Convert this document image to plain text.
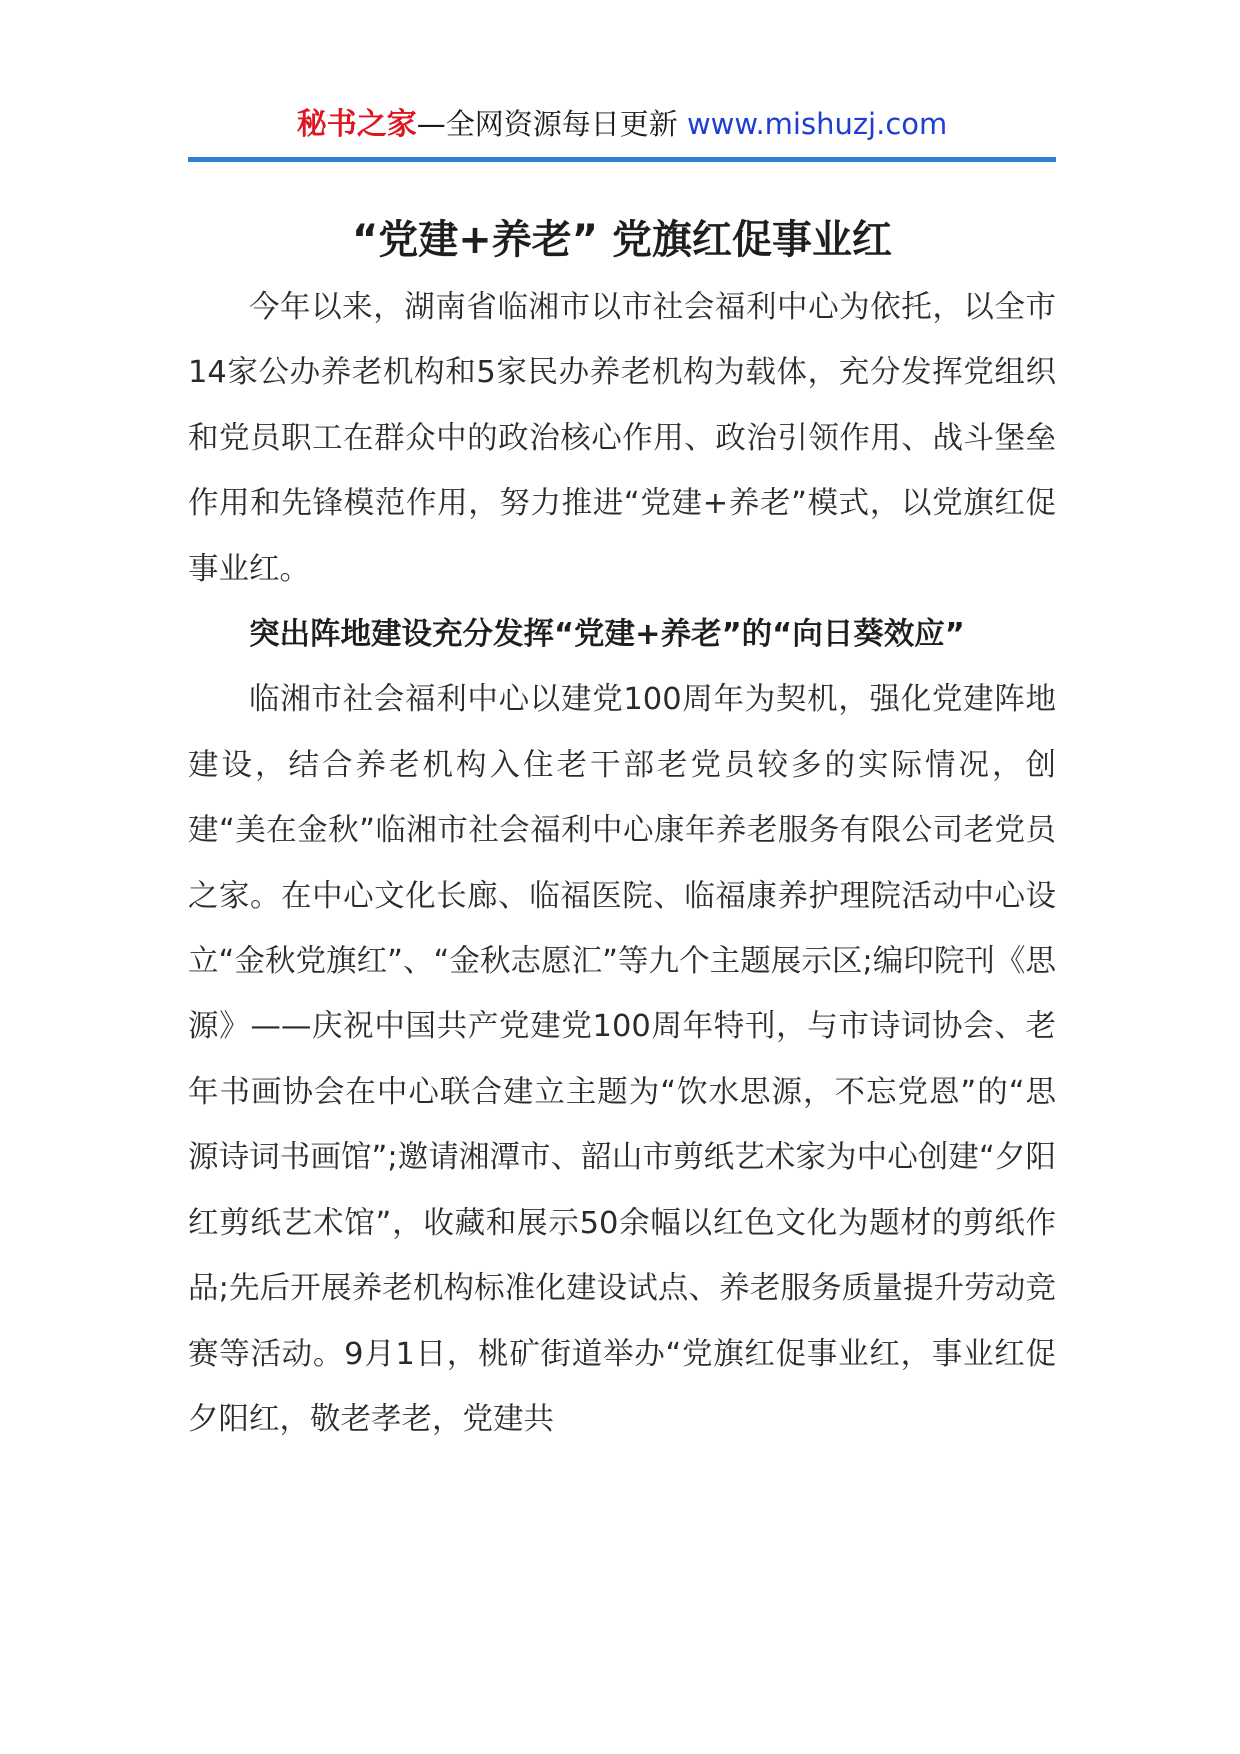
秘书之家—全网资源每日更新 www.mishuzj.com
“党建+养老” 党旗红促事业红

今年以来，湖南省临湘市以市社会福利中心为依托，以全市14家公办养老机构和5家民办养老机构为载体，充分发挥党组织和党员职工在群众中的政治核心作用、政治引领作用、战斗堡垒作用和先锋模范作用，努力推进“党建+养老”模式，以党旗红促事业红。

突出阵地建设充分发挥“党建+养老”的“向日葵效应”

临湘市社会福利中心以建党100周年为契机，强化党建阵地建设，结合养老机构入住老干部老党员较多的实际情况，创建“美在金秋”临湘市社会福利中心康年养老服务有限公司老党员之家。在中心文化长廊、临福医院、临福康养护理院活动中心设立“金秋党旗红”、“金秋志愿汇”等九个主题展示区;编印院刊《思源》——庆祝中国共产党建党100周年特刊，与市诗词协会、老年书画协会在中心联合建立主题为“饮水思源，不忘党恩”的“思源诗词书画馆”;邀请湘潭市、韶山市剪纸艺术家为中心创建“夕阳红剪纸艺术馆”，收藏和展示50余幅以红色文化为题材的剪纸作品;先后开展养老机构标准化建设试点、养老服务质量提升劳动竞赛等活动。9月1日，桃矿街道举办“党旗红促事业红，事业红促夕阳红，敬老孝老，党建共
